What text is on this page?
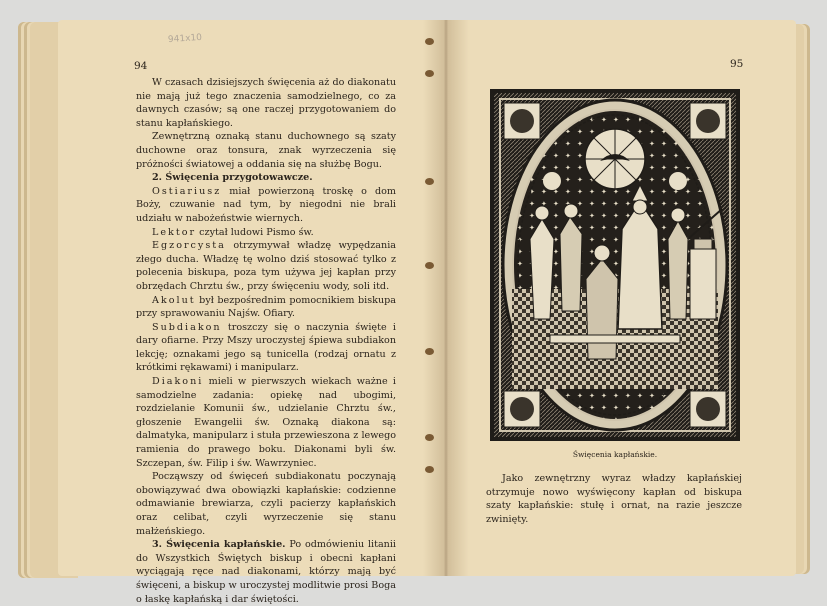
94	95
941x10

W czasach dzisiejszych święcenia aż do diakonatu nie mają już tego znaczenia samodzielnego, co za dawnych czasów; są one raczej przygotowaniem do stanu kapłańskiego.

Zewnętrzną oznaką stanu duchownego są szaty duchowne oraz tonsura, znak wyrzeczenia się próżności światowej a oddania się na służbę Bogu.

2. Święcenia przygotowawcze.

Ostiariusz miał powierzoną troskę o dom Boży, czuwanie nad tym, by niegodni nie brali udziału w nabożeństwie wiernych.

Lektor czytał ludowi Pismo św.

Egzorcysta otrzymywał władzę wypędzania złego ducha. Władzę tę wolno dziś stosować tylko z polecenia biskupa, poza tym używa jej kapłan przy obrzędach Chrztu św., przy święceniu wody, soli itd.

Akolut był bezpośrednim pomocnikiem biskupa przy sprawowaniu Najśw. Ofiary.

Subdiakon troszczy się o naczynia święte i dary ofiarne. Przy Mszy uroczystej śpiewa subdiakon lekcję; oznakami jego są tunicella (rodzaj ornatu z krótkimi rękawami) i manipularz.

Diakoni mieli w pierwszych wiekach ważne i samodzielne zadania: opiekę nad ubogimi, rozdzielanie Komunii św., udzielanie Chrztu św., głoszenie Ewangelii św. Oznaką diakona są: dalmatyka, manipularz i stuła przewieszona z lewego ramienia do prawego boku. Diakonami byli św. Szczepan, św. Filip i św. Wawrzyniec.

Począwszy od święceń subdiakonatu poczynają obowiązywać dwa obowiązki kapłańskie: codzienne odmawianie brewiarza, czyli pacierzy kapłańskich oraz celibat, czyli wyrzeczenie się stanu małżeńskiego.

3. Święcenia kapłańskie. Po odmówieniu litanii do Wszystkich Świętych biskup i obecni kapłani wyciągają ręce nad diakonami, którzy mają być święceni, a biskup w uroczystej modlitwie prosi Boga o łaskę kapłańską i dar świętości.

Święcenia kapłańskie.

Jako zewnętrzny wyraz władzy kapłańskiej otrzymuje nowo wyświęcony kapłan od biskupa szaty kapłańskie: stułę i ornat, na razie jeszcze zwinięty.
